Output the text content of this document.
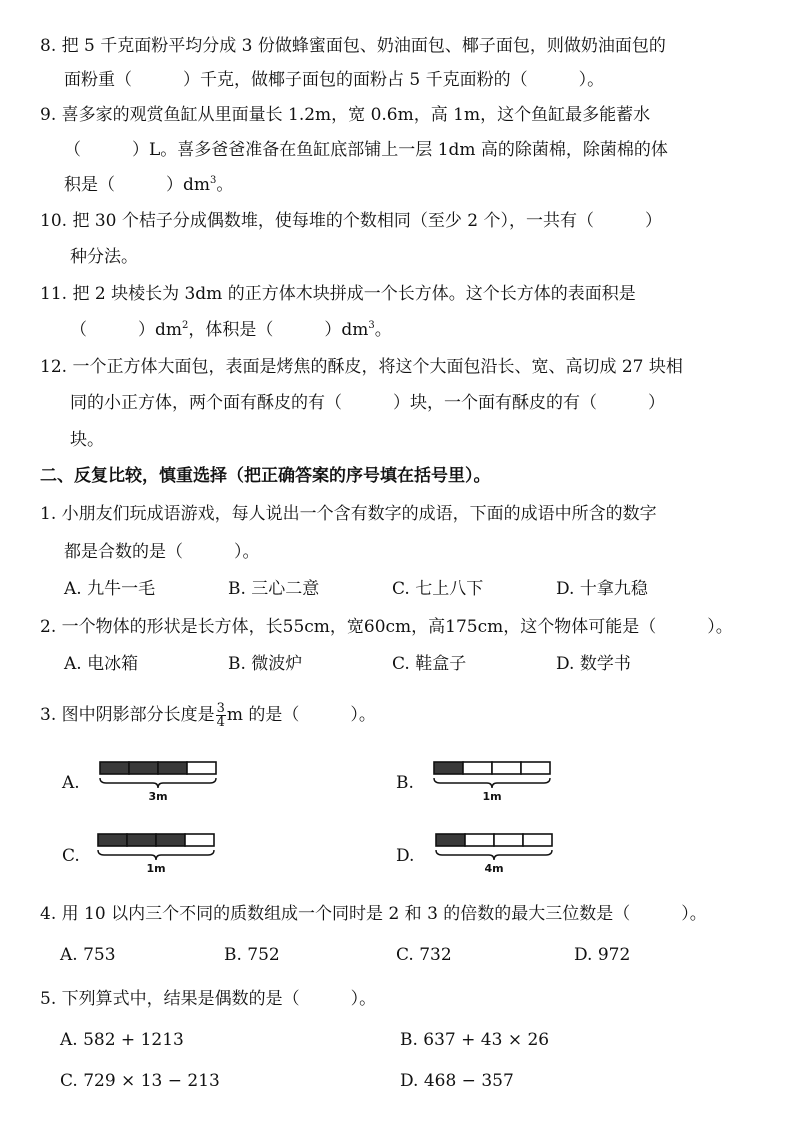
8. 把 5 千克面粉平均分成 3 份做蜂蜜面包、奶油面包、椰子面包，则做奶油面包的
面粉重（　　　）千克，做椰子面包的面粉占 5 千克面粉的（　　　）。
9. 喜多家的观赏鱼缸从里面量长 1.2m，宽 0.6m，高 1m，这个鱼缸最多能蓄水
（　　　）L。喜多爸爸准备在鱼缸底部铺上一层 1dm 高的除菌棉，除菌棉的体
积是（　　　）$dm^3$。
10. 把 30 个桔子分成偶数堆，使每堆的个数相同（至少 2 个），一共有（　　　）
种分法。
11. 把 2 块棱长为 3dm 的正方体木块拼成一个长方体。这个长方体的表面积是
（　　　）$dm^2$，体积是（　　　）$dm^3$。
12. 一个正方体大面包，表面是烤焦的酥皮，将这个大面包沿长、宽、高切成 27 块相
同的小正方体，两个面有酥皮的有（　　　）块，一个面有酥皮的有（　　　）
块。
二、反复比较，慎重选择（把正确答案的序号填在括号里）。
1. 小朋友们玩成语游戏，每人说出一个含有数字的成语，下面的成语中所含的数字
都是合数的是（　　　）。
A. 九牛一毛	B. 三心二意	C. 七上八下	D. 十拿九稳
2. 一个物体的形状是长方体，长55cm，宽60cm，高175cm，这个物体可能是（　　　）。
A. 电冰箱	B. 微波炉	C. 鞋盒子	D. 数学书
3. 图中阴影部分长度是 $\frac{3}{4}$ m 的是（　　　）。
A.
3m
B.
1m
C.
1m
D.
4m
4. 用 10 以内三个不同的质数组成一个同时是 2 和 3 的倍数的最大三位数是（　　　）。
A. 753	B. 752	C. 732	D. 972
5. 下列算式中，结果是偶数的是（　　　）。
A. 582 + 1213	B. 637 + 43 × 26
C. 729 × 13 − 213	D. 468 − 357
